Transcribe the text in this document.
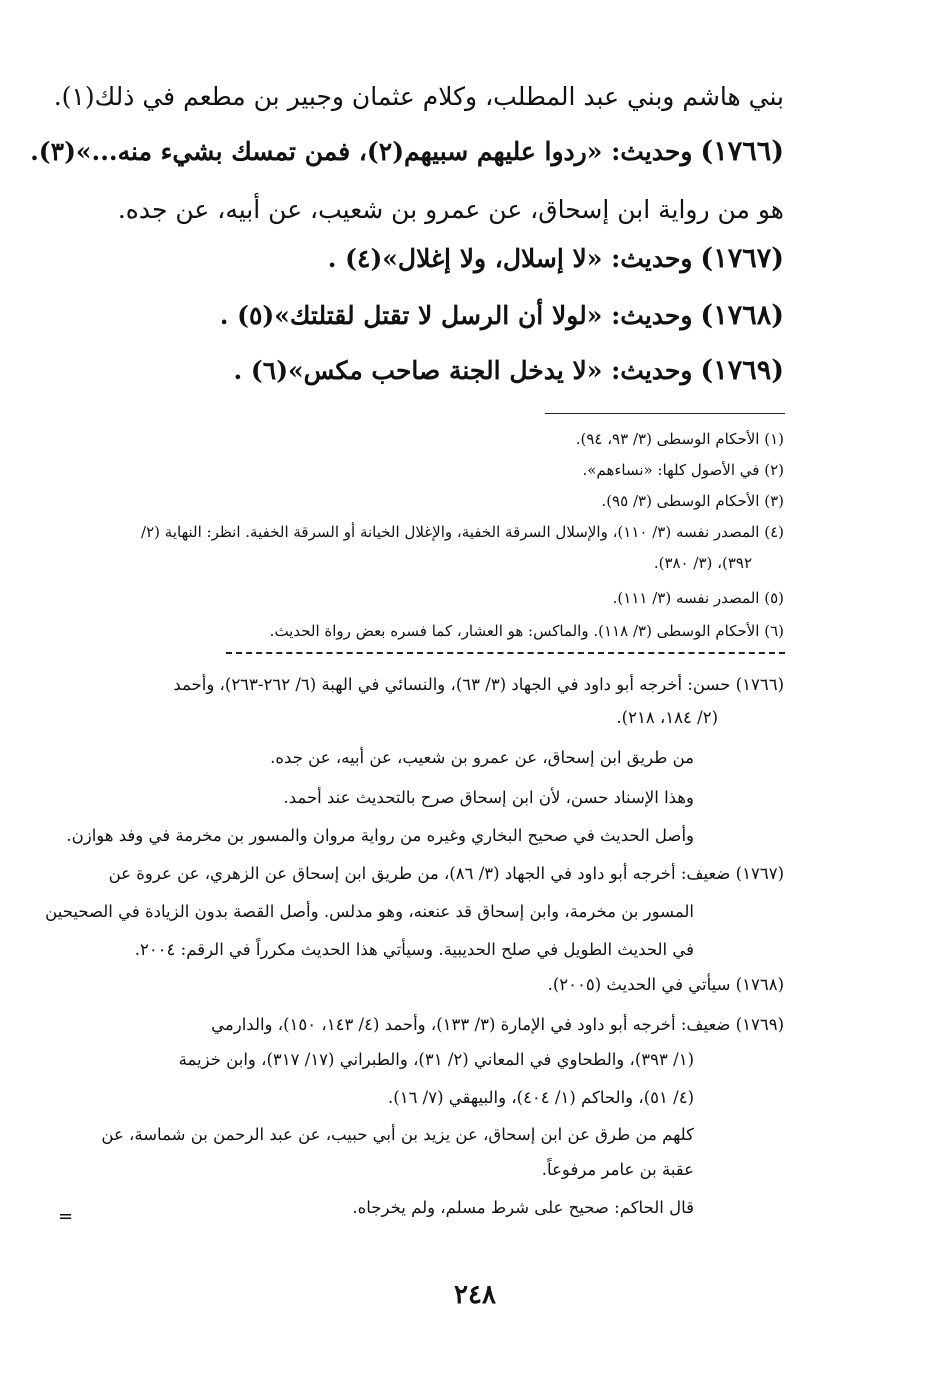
بني هاشم وبني عبد المطلب، وكلام عثمان وجبير بن مطعم في ذلك(١).
(١٧٦٦) وحديث: «ردوا عليهم سبيهم(٢)، فمن تمسك بشيء منه...»(٣).
هو من رواية ابن إسحاق، عن عمرو بن شعيب، عن أبيه، عن جده.
(١٧٦٧) وحديث: «لا إسلال، ولا إغلال»(٤) .
(١٧٦٨) وحديث: «لولا أن الرسل لا تقتل لقتلتك»(٥) .
(١٧٦٩) وحديث: «لا يدخل الجنة صاحب مكس»(٦) .
(١) الأحكام الوسطى (٣/ ٩٣، ٩٤).
(٢) في الأصول كلها: «نساءهم».
(٣) الأحكام الوسطى (٣/ ٩٥).
(٤) المصدر نفسه (٣/ ١١٠)، والإسلال السرقة الخفية، والإغلال الخيانة أو السرقة الخفية. انظر: النهاية (٢/
٣٩٢)، (٣/ ٣٨٠).
(٥) المصدر نفسه (٣/ ١١١).
(٦) الأحكام الوسطى (٣/ ١١٨). والماكس: هو العشار، كما فسره بعض رواة الحديث.
(١٧٦٦) حسن: أخرجه أبو داود في الجهاد (٣/ ٦٣)، والنسائي في الهبة (٦/ ٢٦٢-٢٦٣)، وأحمد
(٢/ ١٨٤، ٢١٨).
من طريق ابن إسحاق، عن عمرو بن شعيب، عن أبيه، عن جده.
وهذا الإسناد حسن، لأن ابن إسحاق صرح بالتحديث عند أحمد.
وأصل الحديث في صحيح البخاري وغيره من رواية مروان والمسور بن مخرمة في وفد هوازن.
(١٧٦٧) ضعيف: أخرجه أبو داود في الجهاد (٣/ ٨٦)، من طريق ابن إسحاق عن الزهري، عن عروة عن
المسور بن مخرمة، وابن إسحاق قد عنعنه، وهو مدلس. وأصل القصة بدون الزيادة في الصحيحين
في الحديث الطويل في صلح الحديبية. وسيأتي هذا الحديث مكرراً في الرقم: ٢٠٠٤.
(١٧٦٨) سيأتي في الحديث (٢٠٠٥).
(١٧٦٩) ضعيف: أخرجه أبو داود في الإمارة (٣/ ١٣٣)، وأحمد (٤/ ١٤٣، ١٥٠)، والدارمي
(١/ ٣٩٣)، والطحاوي في المعاني (٢/ ٣١)، والطبراني (١٧/ ٣١٧)، وابن خزيمة
(٤/ ٥١)، والحاكم (١/ ٤٠٤)، والبيهقي (٧/ ١٦).
كلهم من طرق عن ابن إسحاق، عن يزيد بن أبي حبيب، عن عبد الرحمن بن شماسة، عن
عقبة بن عامر مرفوعاً.
قال الحاكم: صحيح على شرط مسلم، ولم يخرجاه.
=
٢٤٨
